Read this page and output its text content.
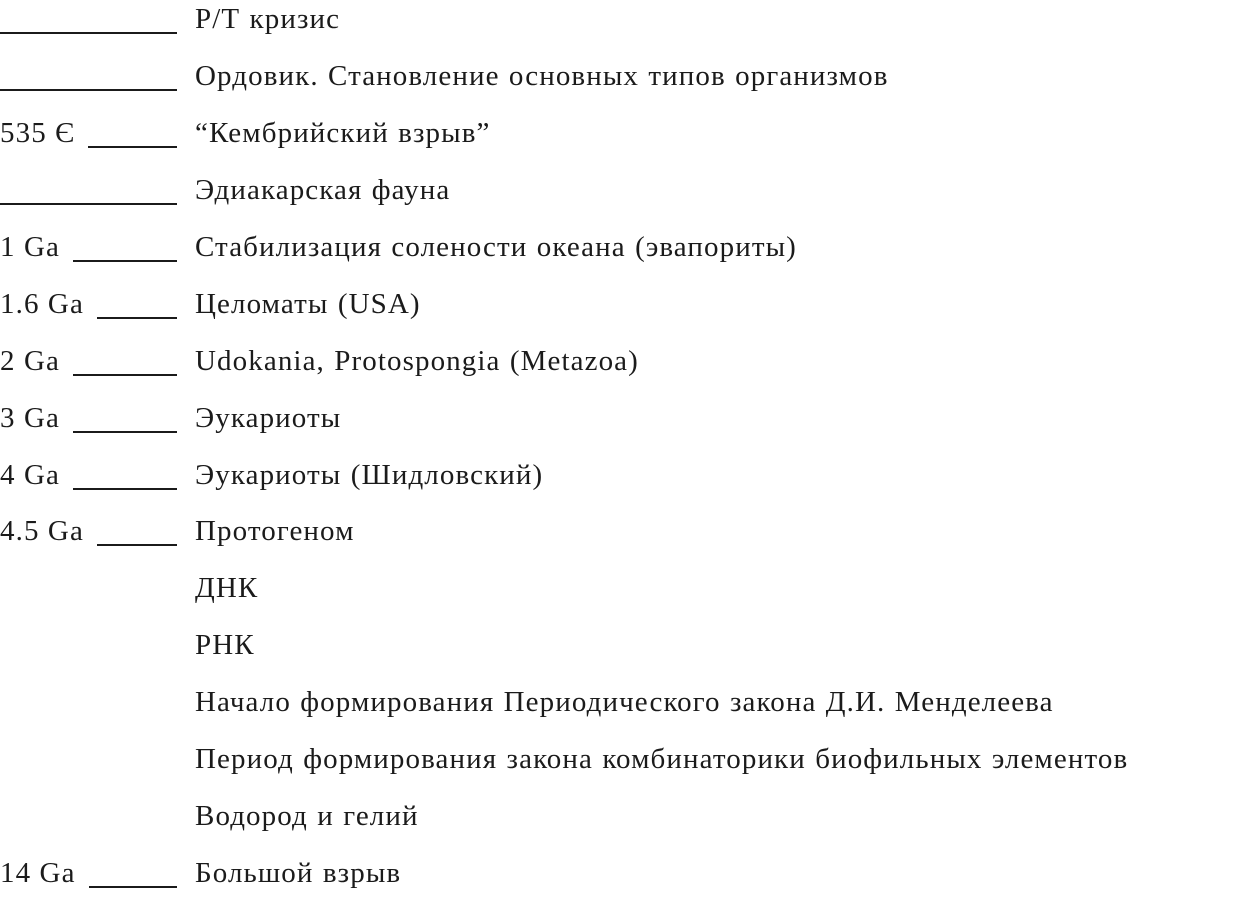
Р/Т кризис
Ордовик. Становление основных типов организмов
535 Є	“Кембрийский взрыв”
Эдиакарская фауна
1 Ga	Стабилизация солености океана (эвапориты)
1.6 Ga	Целоматы (USA)
2 Ga	Udokania, Protospongia (Metazoa)
3 Ga	Эукариоты
4 Ga	Эукариоты (Шидловский)
4.5 Ga	Протогеном
ДНК
РНК
Начало формирования Периодического закона Д.И. Менделеева
Период формирования закона комбинаторики биофильных элементов
Водород и гелий
14 Ga	Большой взрыв
